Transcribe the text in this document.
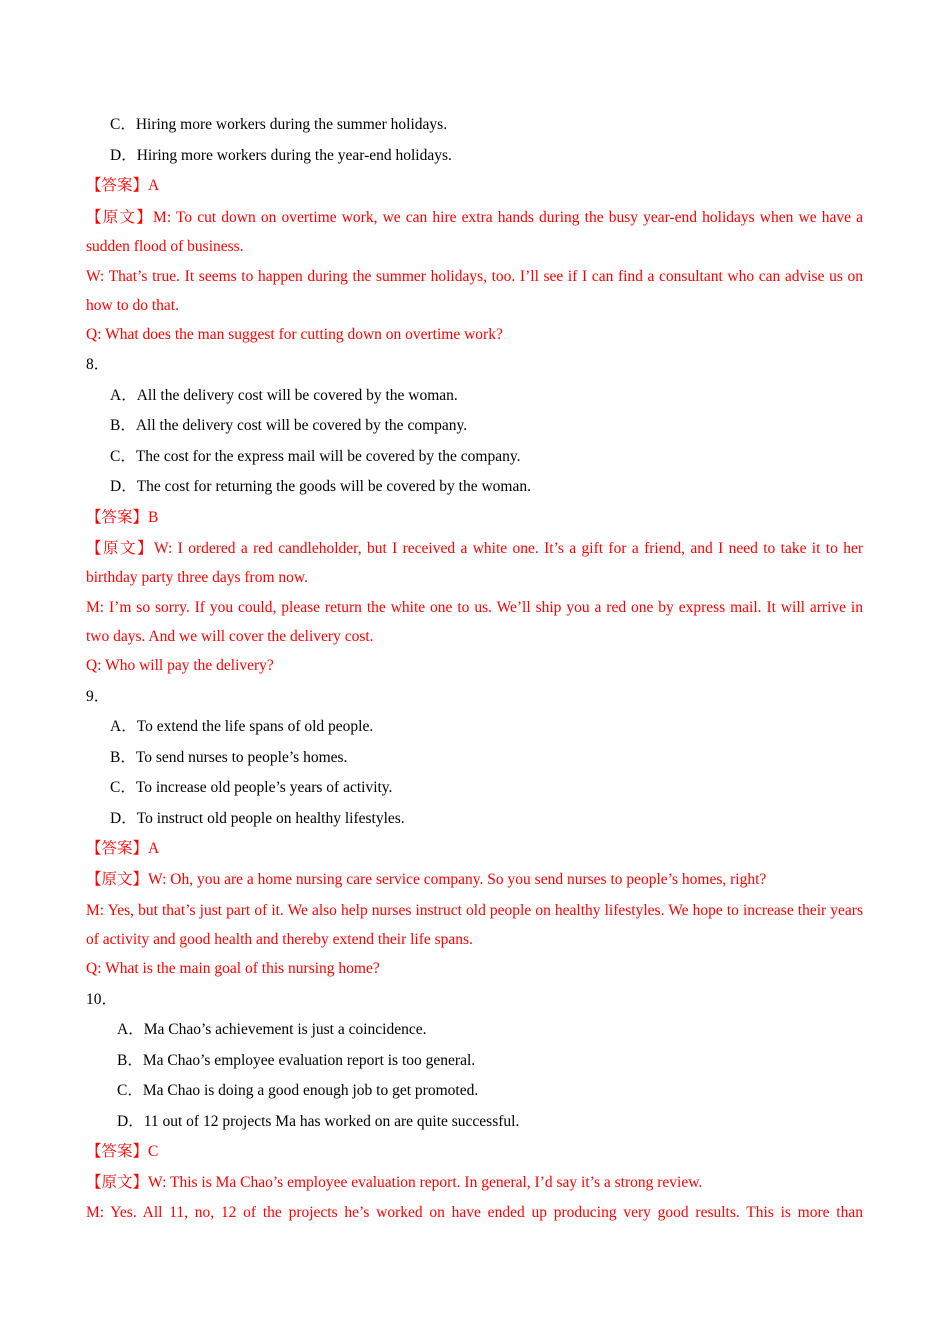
C．Hiring more workers during the summer holidays.
D．Hiring more workers during the year-end holidays.
【答案】A
【原文】M: To cut down on overtime work, we can hire extra hands during the busy year-end holidays when we have a sudden flood of business.
W: That’s true. It seems to happen during the summer holidays, too. I’ll see if I can find a consultant who can advise us on how to do that.
Q: What does the man suggest for cutting down on overtime work?
8．
A．All the delivery cost will be covered by the woman.
B．All the delivery cost will be covered by the company.
C．The cost for the express mail will be covered by the company.
D．The cost for returning the goods will be covered by the woman.
【答案】B
【原文】W: I ordered a red candleholder, but I received a white one. It’s a gift for a friend, and I need to take it to her birthday party three days from now.
M: I’m so sorry. If you could, please return the white one to us. We’ll ship you a red one by express mail. It will arrive in two days. And we will cover the delivery cost.
Q: Who will pay the delivery?
9．
A．To extend the life spans of old people.
B．To send nurses to people’s homes.
C．To increase old people’s years of activity.
D．To instruct old people on healthy lifestyles.
【答案】A
【原文】W: Oh, you are a home nursing care service company. So you send nurses to people’s homes, right?
M: Yes, but that’s just part of it. We also help nurses instruct old people on healthy lifestyles. We hope to increase their years of activity and good health and thereby extend their life spans.
Q: What is the main goal of this nursing home?
10．
A．Ma Chao’s achievement is just a coincidence.
B．Ma Chao’s employee evaluation report is too general.
C．Ma Chao is doing a good enough job to get promoted.
D．11 out of 12 projects Ma has worked on are quite successful.
【答案】C
【原文】W: This is Ma Chao’s employee evaluation report. In general, I’d say it’s a strong review.
M: Yes. All 11, no, 12 of the projects he’s worked on have ended up producing very good results. This is more than
